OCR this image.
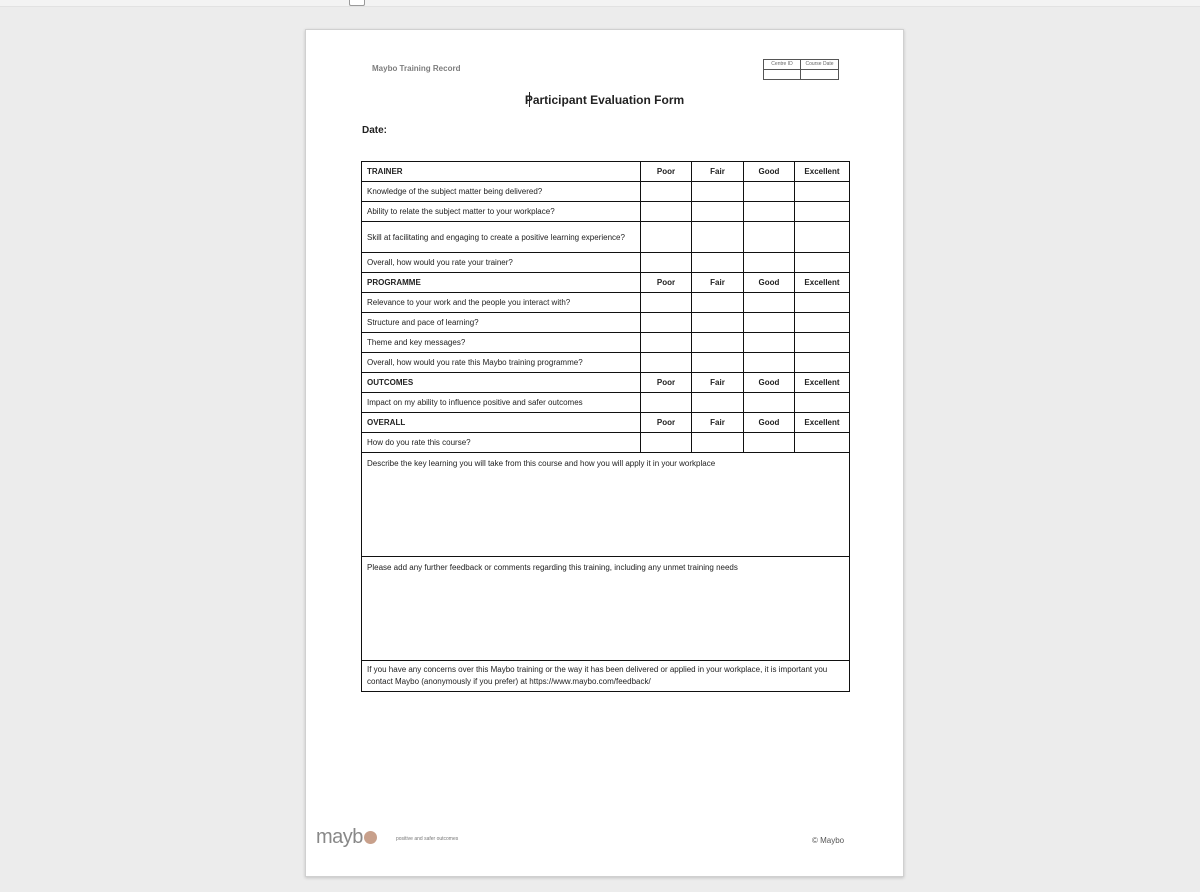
Maybo Training Record	Centre ID	Course Date
Participant Evaluation Form
Date:
TRAINER	Poor	Fair	Good	Excellent
Knowledge of the subject matter being delivered?				
Ability to relate the subject matter to your workplace?				
Skill at facilitating and engaging to create a positive learning experience?				
Overall, how would you rate your trainer?				
PROGRAMME	Poor	Fair	Good	Excellent
Relevance to your work and the people you interact with?				
Structure and pace of learning?				
Theme and key messages?				
Overall, how would you rate this Maybo training programme?				
OUTCOMES	Poor	Fair	Good	Excellent
Impact on my ability to influence positive and safer outcomes				
OVERALL	Poor	Fair	Good	Excellent
How do you rate this course?				
Describe the key learning you will take from this course and how you will apply it in your workplace				
Please add any further feedback or comments regarding this training, including any unmet training needs				
If you have any concerns over this Maybo training or the way it has been delivered or applied in your workplace, it is important you contact Maybo (anonymously if you prefer) at https://www.maybo.com/feedback/				
mayb	positive and safer outcomes	© Maybo
